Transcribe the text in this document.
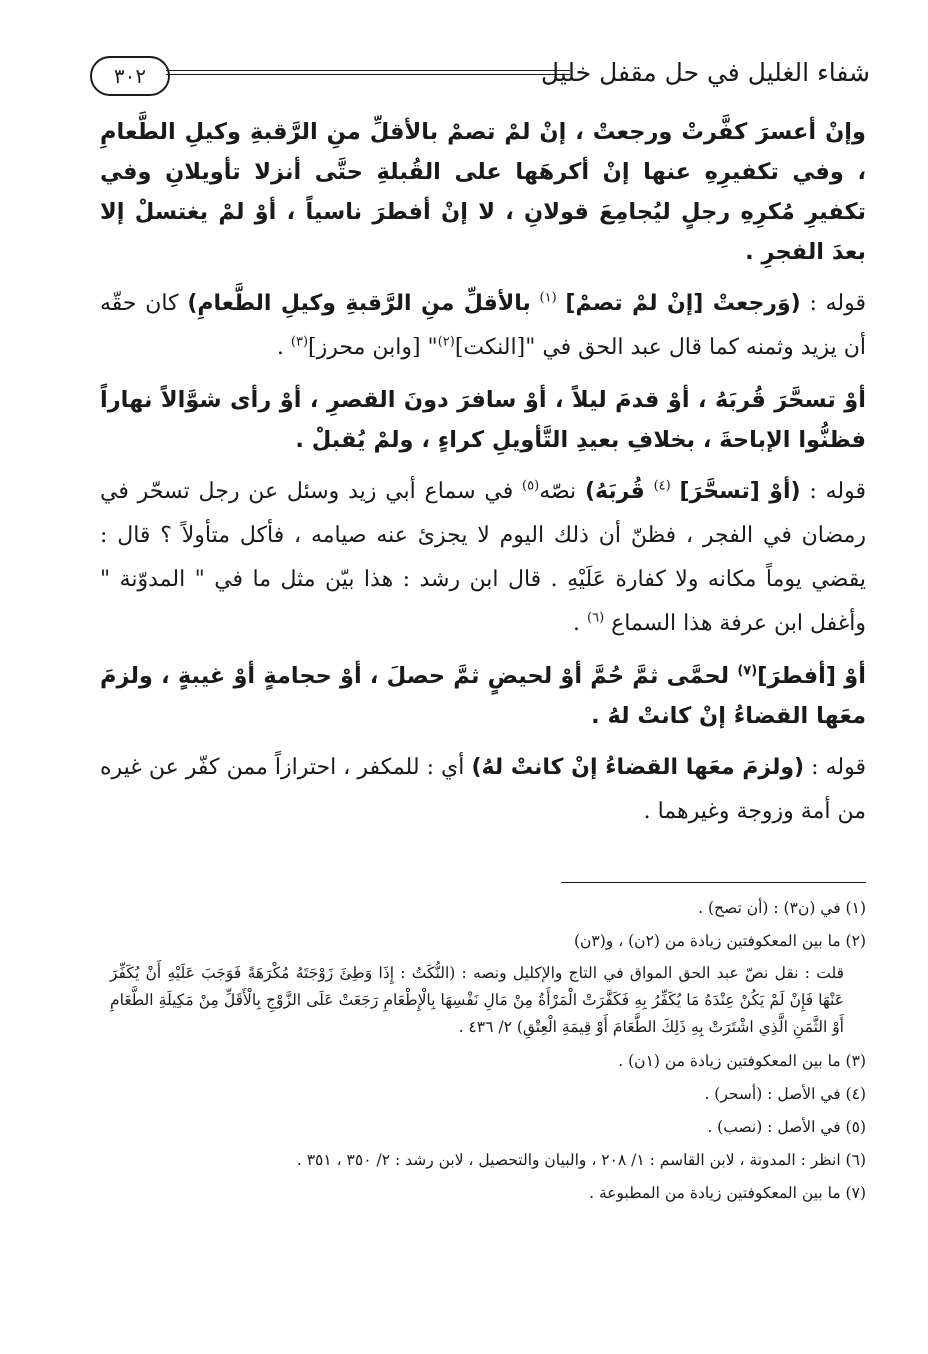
٣٠٢	شفاء الغليل في حل مقفل خليل

وإنْ أعسرَ كفَّرتْ ورجعتْ ، إنْ لمْ تصمْ بالأقلِّ منِ الرَّقبةِ وكيلِ الطَّعامِ ، وفي تكفيرِهِ عنها إنْ أكرهَها على القُبلةِ حتَّى أنزلا تأويلانِ وفي تكفيرِ مُكرِهِ رجلٍ ليُجامِعَ قولانِ ، لا إنْ أفطرَ ناسياً ، أوْ لمْ يغتسلْ إلا بعدَ الفجرِ .

قوله : (وَرجعتْ [إنْ لمْ تصمْ] $^{(١)}$ بالأقلِّ منِ الرَّقبةِ وكيلِ الطَّعامِ) كان حقّه أن يزيد وثمنه كما قال عبد الحق في "[النكت]$^{(٢)}$" [وابن محرز]$^{(٣)}$ .

أوْ تسحَّرَ قُربَهُ ، أوْ قدمَ ليلاً ، أوْ سافرَ دونَ القصرِ ، أوْ رأى شوَّالاً نهاراً فظنُّوا الإباحةَ ، بخلافِ بعيدِ التَّأويلِ كراءٍ ، ولمْ يُقبلْ .

قوله : (أوْ [تسحَّرَ] $^{(٤)}$ قُربَهُ) نصّه$^{(٥)}$ في سماع أبي زيد وسئل عن رجل تسحّر في رمضان في الفجر ، فظنّ أن ذلك اليوم لا يجزئ عنه صيامه ، فأكل متأولاً ؟ قال : يقضي يوماً مكانه ولا كفارة عَلَيْهِ . قال ابن رشد : هذا بيّن مثل ما في " المدوّنة " وأغفل ابن عرفة هذا السماع $^{(٦)}$ .

أوْ [أفطرَ]$^{(٧)}$ لحمَّى ثمَّ حُمَّ أوْ لحيضٍ ثمَّ حصلَ ، أوْ حجامةٍ أوْ غيبةٍ ، ولزمَ معَها القضاءُ إنْ كانتْ لهُ .

قوله : (ولزمَ معَها القضاءُ إنْ كانتْ لهُ) أي : للمكفر ، احترازاً ممن كفّر عن غيره من أمة وزوجة وغيرهما .

(١) في (ن٣) : (أن تصح) .

(٢) ما بين المعكوفتين زيادة من (٢ن) ، و(٣ن)

قلت : نقل نصّ عبد الحق المواق في التاج والإكليل ونصه : (النُّكَتُ : إِذَا وَطِئَ زَوْجَتَهُ مُكْرَهَةً فَوَجَبَ عَلَيْهِ أَنْ يُكَفِّرَ عَنْهَا فَإِنْ لَمْ يَكُنْ عِنْدَهُ مَا يُكَفِّرُ بِهِ فَكَفَّرَتْ الْمَرْأَةُ مِنْ مَالِ نَفْسِهَا بِالْإِطْعَامِ رَجَعَتْ عَلَى الزَّوْجِ بِالْأَقَلِّ مِنْ مَكِيلَةِ الطَّعَامِ أَوْ الثَّمَنِ الَّذِي اشْتَرَتْ بِهِ ذَلِكَ الطَّعَامَ أَوْ قِيمَةِ الْعِتْقِ) ٢/ ٤٣٦ .

(٣) ما بين المعكوفتين زيادة من (١ن) .

(٤) في الأصل : (أسحر) .

(٥) في الأصل : (نصب) .

(٦) انظر : المدونة ، لابن القاسم : ١/ ٢٠٨ ، والبيان والتحصيل ، لابن رشد : ٢/ ٣٥٠ ، ٣٥١ .

(٧) ما بين المعكوفتين زيادة من المطبوعة .
